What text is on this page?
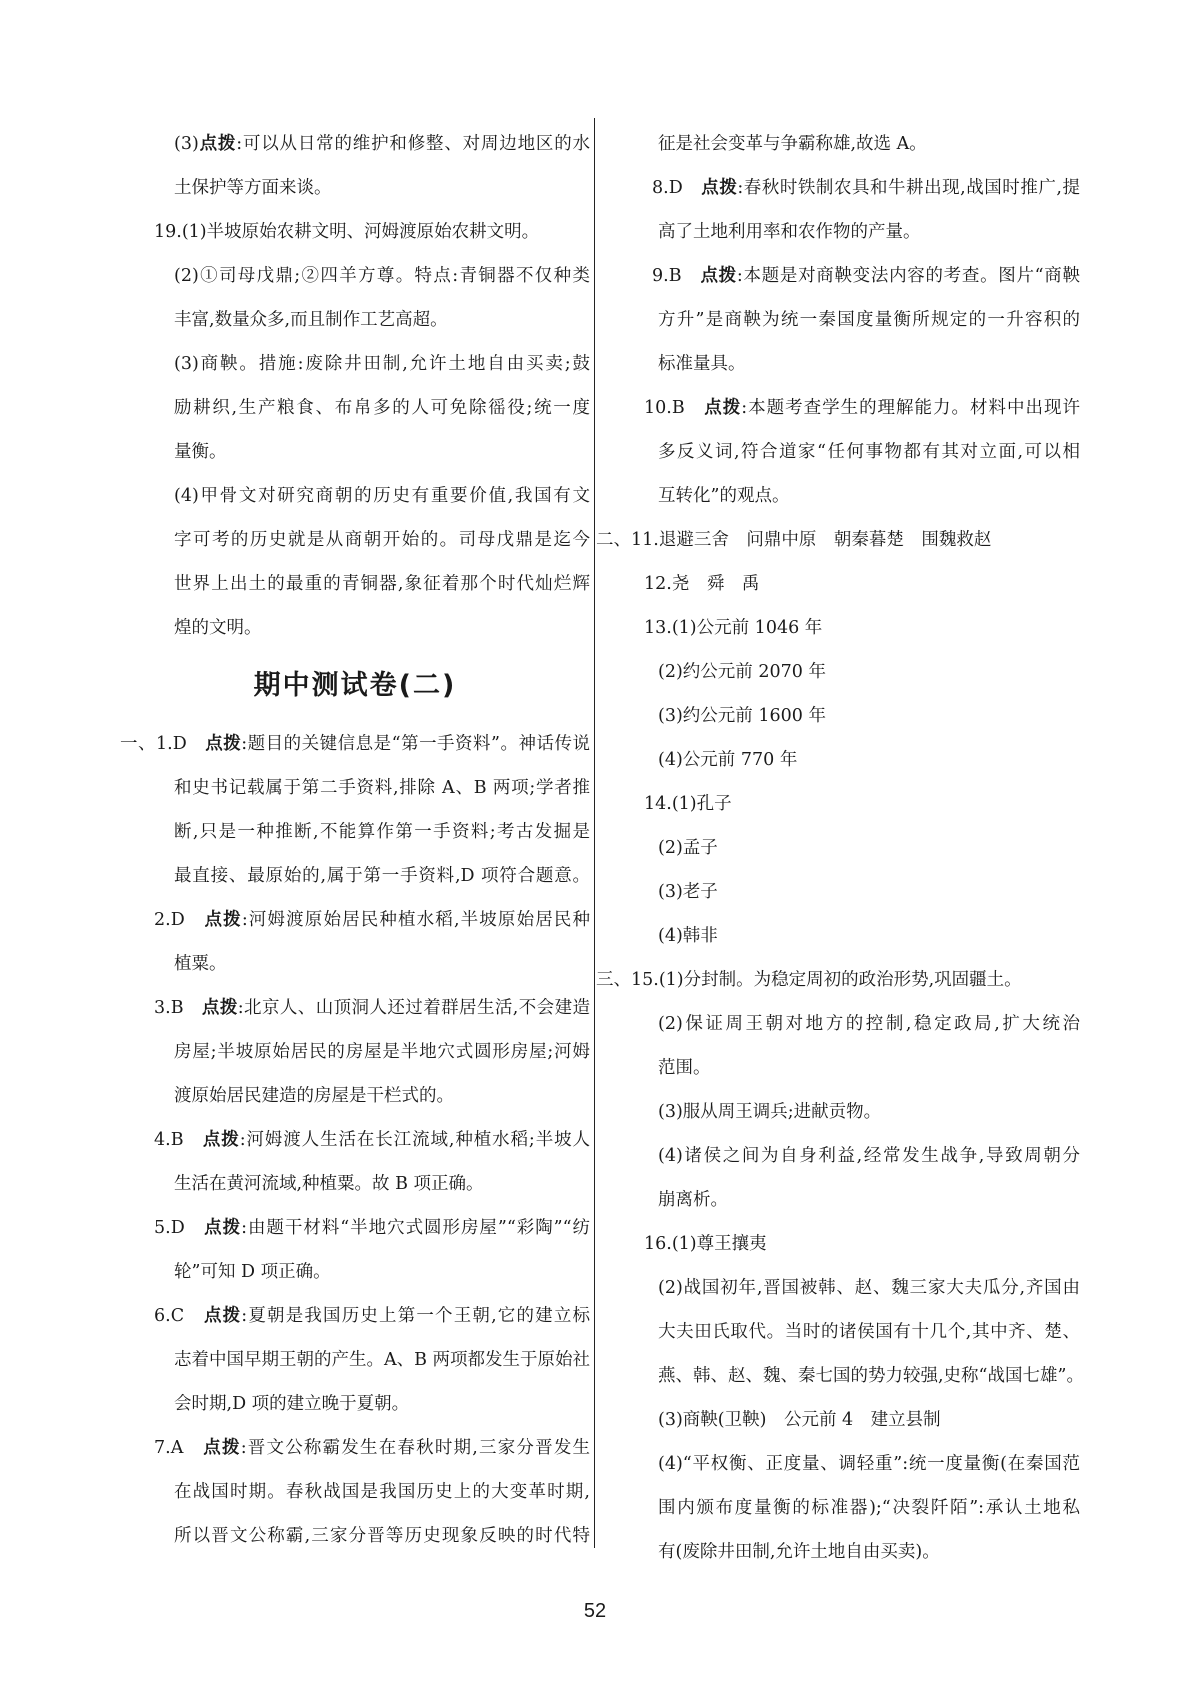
(3)点拨:可以从日常的维护和修整、对周边地区的水
土保护等方面来谈。
19.(1)半坡原始农耕文明、河姆渡原始农耕文明。
(2)①司母戊鼎;②四羊方尊。特点:青铜器不仅种类
丰富,数量众多,而且制作工艺高超。
(3)商鞅。措施:废除井田制,允许土地自由买卖;鼓
励耕织,生产粮食、布帛多的人可免除徭役;统一度
量衡。
(4)甲骨文对研究商朝的历史有重要价值,我国有文
字可考的历史就是从商朝开始的。司母戊鼎是迄今
世界上出土的最重的青铜器,象征着那个时代灿烂辉
煌的文明。
期中测试卷(二)
一、1.D　 点拨:题目的关键信息是“第一手资料”。神话传说
和史书记载属于第二手资料,排除 A、B 两项;学者推
断,只是一种推断,不能算作第一手资料;考古发掘是
最直接、最原始的,属于第一手资料,D 项符合题意。
2.D　 点拨:河姆渡原始居民种植水稻,半坡原始居民种
植粟。
3.B　 点拨:北京人、山顶洞人还过着群居生活,不会建造
房屋;半坡原始居民的房屋是半地穴式圆形房屋;河姆
渡原始居民建造的房屋是干栏式的。
4.B　 点拨:河姆渡人生活在长江流域,种植水稻;半坡人
生活在黄河流域,种植粟。故 B 项正确。
5.D　 点拨:由题干材料“半地穴式圆形房屋”“彩陶”“纺
轮”可知 D 项正确。
6.C　 点拨:夏朝是我国历史上第一个王朝,它的建立标
志着中国早期王朝的产生。A、B 两项都发生于原始社
会时期,D 项的建立晚于夏朝。
7.A　 点拨:晋文公称霸发生在春秋时期,三家分晋发生
在战国时期。春秋战国是我国历史上的大变革时期,
所以晋文公称霸,三家分晋等历史现象反映的时代特
征是社会变革与争霸称雄,故选 A。
8.D　 点拨:春秋时铁制农具和牛耕出现,战国时推广,提
高了土地利用率和农作物的产量。
9.B　 点拨:本题是对商鞅变法内容的考查。图片“商鞅
方升”是商鞅为统一秦国度量衡所规定的一升容积的
标准量具。
10.B　 点拨:本题考查学生的理解能力。材料中出现许
多反义词,符合道家“任何事物都有其对立面,可以相
互转化”的观点。
二、11.退避三舍　问鼎中原　朝秦暮楚　围魏救赵
12.尧　舜　禹
13.(1)公元前 1046 年
(2)约公元前 2070 年
(3)约公元前 1600 年
(4)公元前 770 年
14.(1)孔子
(2)孟子
(3)老子
(4)韩非
三、15.(1)分封制。为稳定周初的政治形势,巩固疆土。
(2)保证周王朝对地方的控制,稳定政局,扩大统治
范围。
(3)服从周王调兵;进献贡物。
(4)诸侯之间为自身利益,经常发生战争,导致周朝分
崩离析。
16.(1)尊王攘夷
(2)战国初年,晋国被韩、赵、魏三家大夫瓜分,齐国由
大夫田氏取代。当时的诸侯国有十几个,其中齐、楚、
燕、韩、赵、魏、秦七国的势力较强,史称“战国七雄”。
(3)商鞅(卫鞅)　公元前 4　建立县制
(4)“平权衡、正度量、调轻重”:统一度量衡(在秦国范
围内颁布度量衡的标准器);“决裂阡陌”:承认土地私
有(废除井田制,允许土地自由买卖)。
52
